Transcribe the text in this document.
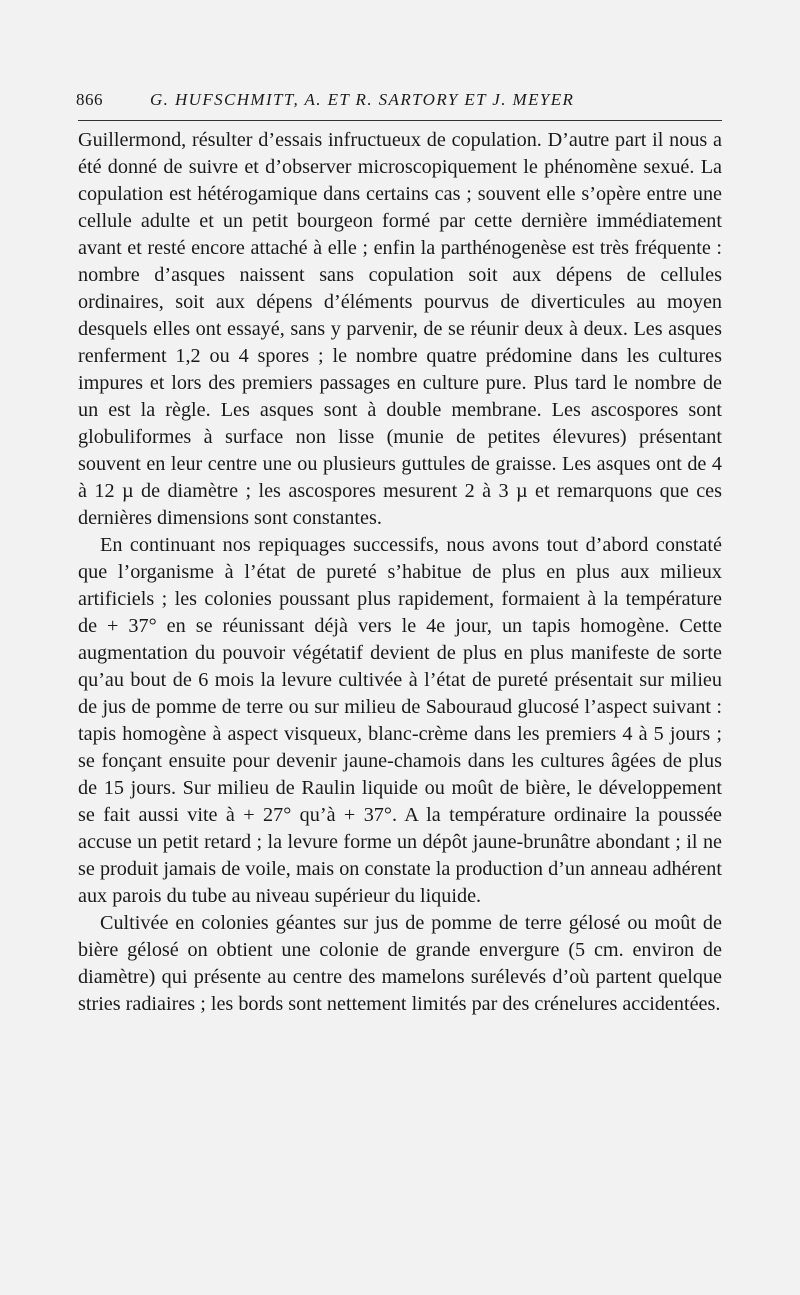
866	G. HUFSCHMITT, A. ET R. SARTORY ET J. MEYER

Guillermond, résulter d’essais infructueux de copulation. D’autre part il nous a été donné de suivre et d’observer microscopiquement le phénomène sexué. La copulation est hétérogamique dans certains cas ; souvent elle s’opère entre une cellule adulte et un petit bourgeon formé par cette dernière immédiatement avant et resté encore attaché à elle ; enfin la parthénogenèse est très fréquente : nombre d’asques naissent sans copulation soit aux dépens de cellules ordinaires, soit aux dépens d’éléments pourvus de diverticules au moyen desquels elles ont essayé, sans y parvenir, de se réunir deux à deux. Les asques renferment 1,2 ou 4 spores ; le nombre quatre prédomine dans les cultures impures et lors des premiers passages en culture pure. Plus tard le nombre de un est la règle. Les asques sont à double membrane. Les ascospores sont globuliformes à surface non lisse (munie de petites élevures) présentant souvent en leur centre une ou plusieurs guttules de graisse. Les asques ont de 4 à 12 µ de diamètre ; les ascospores mesurent 2 à 3 µ et remarquons que ces dernières dimensions sont constantes.

En continuant nos repiquages successifs, nous avons tout d’abord constaté que l’organisme à l’état de pureté s’habitue de plus en plus aux milieux artificiels ; les colonies poussant plus rapidement, formaient à la température de + 37° en se réunissant déjà vers le 4e jour, un tapis homogène. Cette augmentation du pouvoir végétatif devient de plus en plus manifeste de sorte qu’au bout de 6 mois la levure cultivée à l’état de pureté présentait sur milieu de jus de pomme de terre ou sur milieu de Sabouraud glucosé l’aspect suivant : tapis homogène à aspect visqueux, blanc-crème dans les premiers 4 à 5 jours ; se fonçant ensuite pour devenir jaune-chamois dans les cultures âgées de plus de 15 jours. Sur milieu de Raulin liquide ou moût de bière, le développement se fait aussi vite à + 27° qu’à + 37°. A la température ordinaire la poussée accuse un petit retard ; la levure forme un dépôt jaune-brunâtre abondant ; il ne se produit jamais de voile, mais on constate la production d’un anneau adhérent aux parois du tube au niveau supérieur du liquide.

Cultivée en colonies géantes sur jus de pomme de terre gélosé ou moût de bière gélosé on obtient une colonie de grande envergure (5 cm. environ de diamètre) qui présente au centre des mamelons surélevés d’où partent quelque stries radiaires ; les bords sont nettement limités par des crénelures accidentées.
